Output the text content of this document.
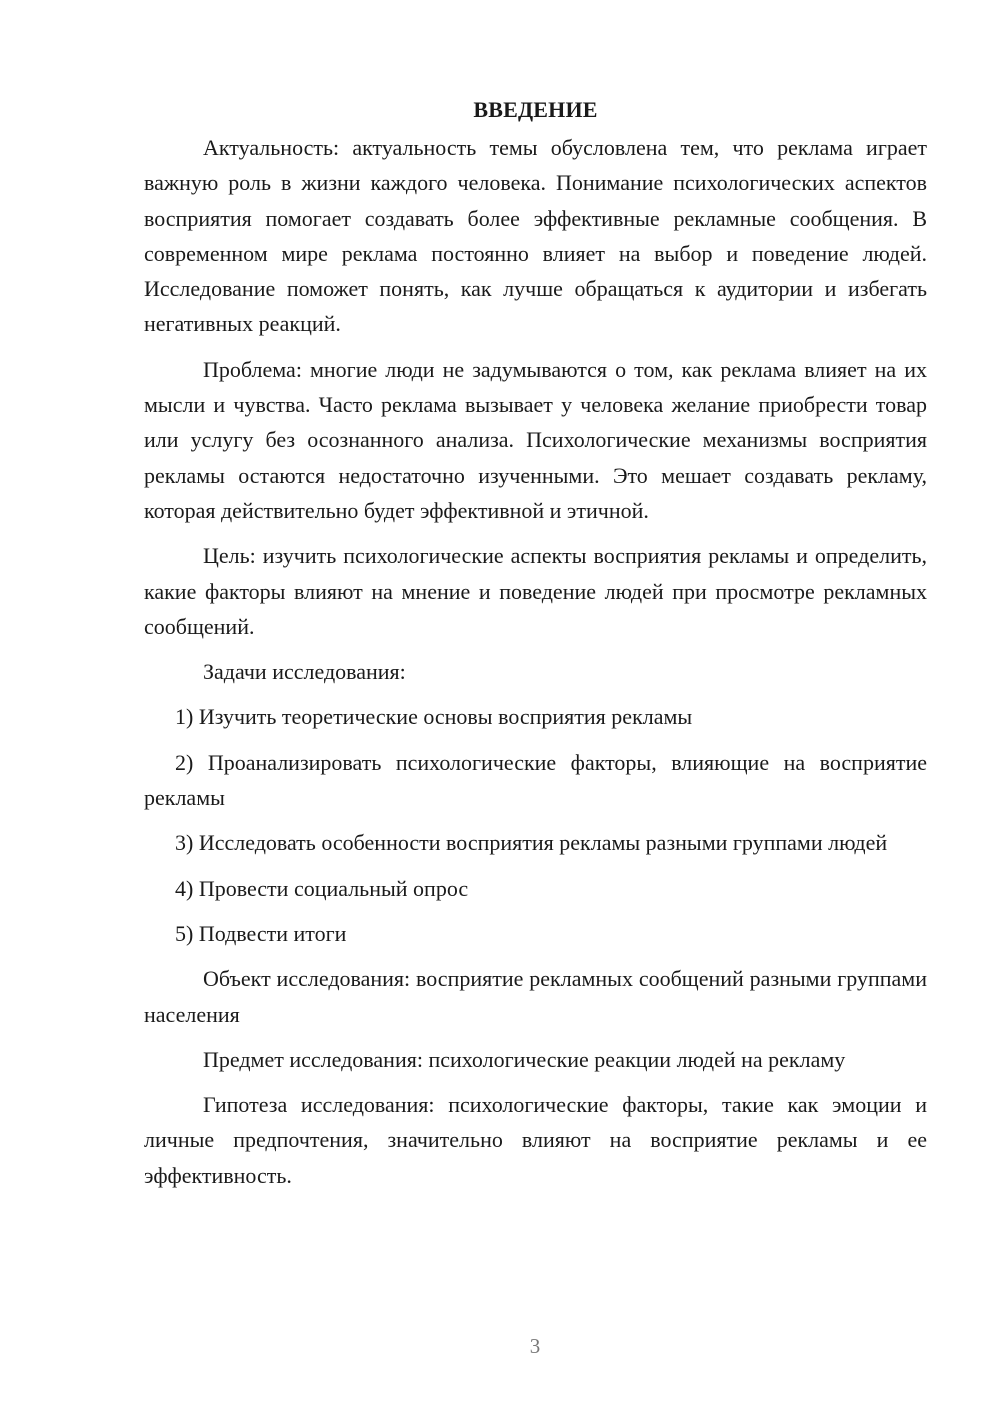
ВВЕДЕНИЕ

Актуальность: актуальность темы обусловлена тем, что реклама играет важную роль в жизни каждого человека. Понимание психологических аспектов восприятия помогает создавать более эффективные рекламные сообщения. В современном мире реклама постоянно влияет на выбор и поведение людей. Исследование поможет понять, как лучше обращаться к аудитории и избегать негативных реакций.

Проблема: многие люди не задумываются о том, как реклама влияет на их мысли и чувства. Часто реклама вызывает у человека желание приобрести товар или услугу без осознанного анализа. Психологические механизмы восприятия рекламы остаются недостаточно изученными. Это мешает создавать рекламу, которая действительно будет эффективной и этичной.

Цель: изучить психологические аспекты восприятия рекламы и определить, какие факторы влияют на мнение и поведение людей при просмотре рекламных сообщений.

Задачи исследования:

1) Изучить теоретические основы восприятия рекламы

2) Проанализировать психологические факторы, влияющие на восприятие рекламы

3) Исследовать особенности восприятия рекламы разными группами людей

4) Провести социальный опрос

5) Подвести итоги

Объект исследования: восприятие рекламных сообщений разными группами населения

Предмет исследования: психологические реакции людей на рекламу

Гипотеза исследования: психологические факторы, такие как эмоции и личные предпочтения, значительно влияют на восприятие рекламы и ее эффективность.

3
